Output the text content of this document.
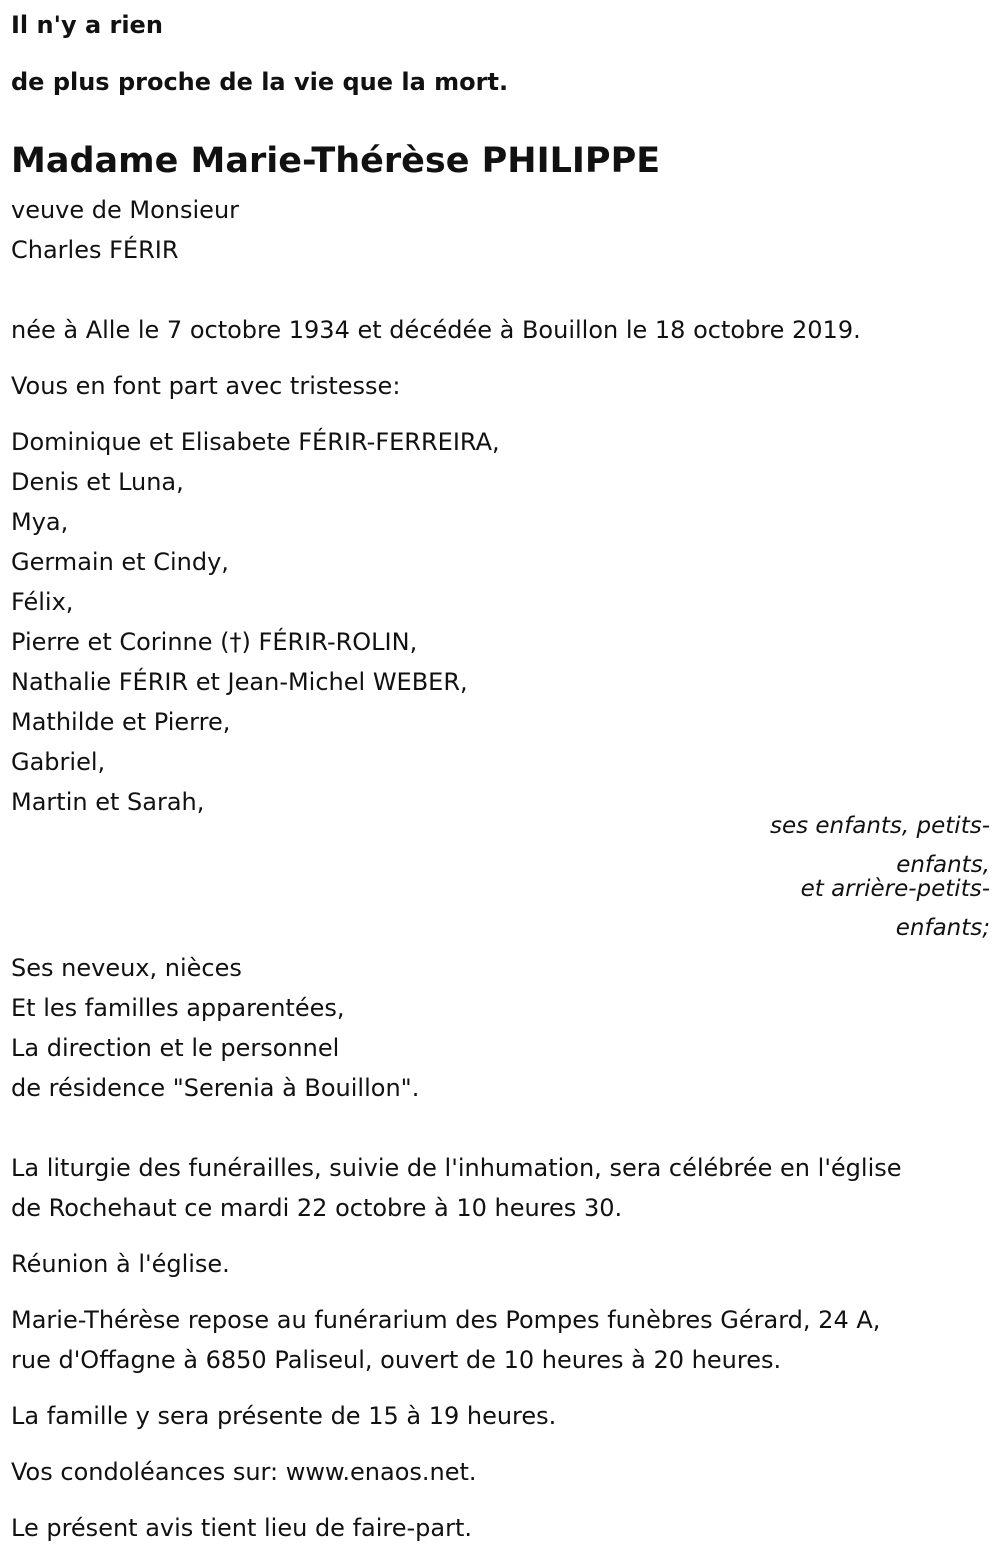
Il n'y a rien
de plus proche de la vie que la mort.
Madame Marie-Thérèse PHILIPPE
veuve de Monsieur
Charles FÉRIR
née à Alle le 7 octobre 1934 et décédée à Bouillon le 18 octobre 2019.
Vous en font part avec tristesse:
Dominique et Elisabete FÉRIR-FERREIRA,
Denis et Luna,
Mya,
Germain et Cindy,
Félix,
Pierre et Corinne (†) FÉRIR-ROLIN,
Nathalie FÉRIR et Jean-Michel WEBER,
Mathilde et Pierre,
Gabriel,
Martin et Sarah,
ses enfants, petits-
enfants,
et arrière-petits-
enfants;
Ses neveux, nièces
Et les familles apparentées,
La direction et le personnel
de résidence "Serenia à Bouillon".
La liturgie des funérailles, suivie de l'inhumation, sera célébrée en l'église
de Rochehaut ce mardi 22 octobre à 10 heures 30.
Réunion à l'église.
Marie-Thérèse repose au funérarium des Pompes funèbres Gérard, 24 A,
rue d'Offagne à 6850 Paliseul, ouvert de 10 heures à 20 heures.
La famille y sera présente de 15 à 19 heures.
Vos condoléances sur: www.enaos.net.
Le présent avis tient lieu de faire-part.
